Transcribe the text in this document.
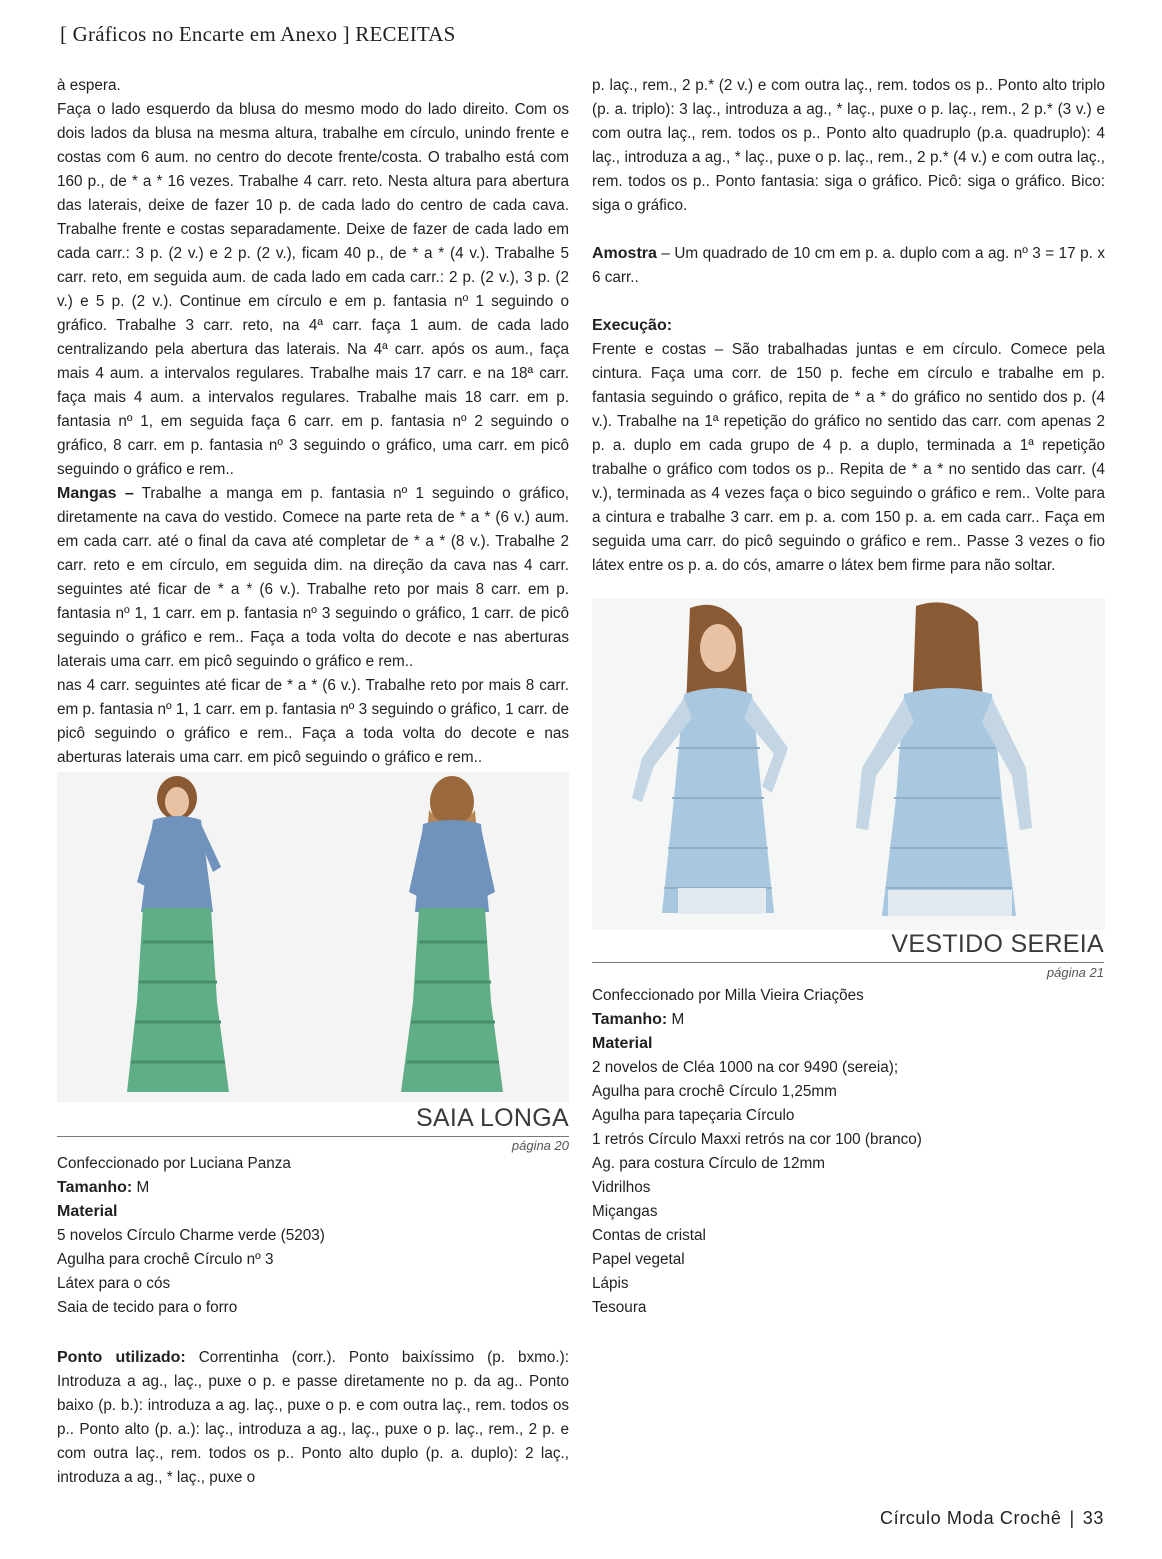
[ Gráficos no Encarte em Anexo ] RECEITAS

à espera.

Faça o lado esquerdo da blusa do mesmo modo do lado direito. Com os dois lados da blusa na mesma altura, trabalhe em círculo, unindo frente e costas com 6 aum. no centro do decote frente/costa. O trabalho está com 160 p., de * a * 16 vezes. Trabalhe 4 carr. reto. Nesta altura para abertura das laterais, deixe de fazer 10 p. de cada lado do centro de cada cava. Trabalhe frente e costas separadamente. Deixe de fazer de cada lado em cada carr.: 3 p. (2 v.) e 2 p. (2 v.), ficam 40 p., de * a * (4 v.). Trabalhe 5 carr. reto, em seguida aum. de cada lado em cada carr.: 2 p. (2 v.), 3 p. (2 v.) e 5 p. (2 v.). Continue em círculo e em p. fantasia nº 1 seguindo o gráfico. Trabalhe 3 carr. reto, na 4ª carr. faça 1 aum. de cada lado centralizando pela abertura das laterais. Na 4ª carr. após os aum., faça mais 4 aum. a intervalos regulares. Trabalhe mais 17 carr. e na 18ª carr. faça mais 4 aum. a intervalos regulares. Trabalhe mais 18 carr. em p. fantasia nº 1, em seguida faça 6 carr. em p. fantasia nº 2 seguindo o gráfico, 8 carr. em p. fantasia nº 3 seguindo o gráfico, uma carr. em picô seguindo o gráfico e rem..

Mangas – Trabalhe a manga em p. fantasia nº 1 seguindo o gráfico, diretamente na cava do vestido. Comece na parte reta de * a * (6 v.) aum. em cada carr. até o final da cava até completar de * a * (8 v.). Trabalhe 2 carr. reto e em círculo, em seguida dim. na direção da cava nas 4 carr. seguintes até ficar de * a * (6 v.). Trabalhe reto por mais 8 carr. em p. fantasia nº 1, 1 carr. em p. fantasia nº 3 seguindo o gráfico, 1 carr. de picô seguindo o gráfico e rem.. Faça a toda volta do decote e nas aberturas laterais uma carr. em picô seguindo o gráfico e rem..

nas 4 carr. seguintes até ficar de * a * (6 v.). Trabalhe reto por mais 8 carr. em p. fantasia nº 1, 1 carr. em p. fantasia nº 3 seguindo o gráfico, 1 carr. de picô seguindo o gráfico e rem.. Faça a toda volta do decote e nas aberturas laterais uma carr. em picô seguindo o gráfico e rem..

p. laç., rem., 2 p.* (2 v.) e com outra laç., rem. todos os p.. Ponto alto triplo (p. a. triplo): 3 laç., introduza a ag., * laç., puxe o p. laç., rem., 2 p.* (3 v.) e com outra laç., rem. todos os p.. Ponto alto quadruplo (p.a. quadruplo): 4 laç., introduza a ag., * laç., puxe o p. laç., rem., 2 p.* (4 v.) e com outra laç., rem. todos os p.. Ponto fantasia: siga o gráfico. Picô: siga o gráfico. Bico: siga o gráfico.

Amostra – Um quadrado de 10 cm em p. a. duplo com a ag. nº 3 = 17 p. x 6 carr..

Execução:

Frente e costas – São trabalhadas juntas e em círculo. Comece pela cintura. Faça uma corr. de 150 p. feche em círculo e trabalhe em p. fantasia seguindo o gráfico, repita de * a * do gráfico no sentido dos p. (4 v.). Trabalhe na 1ª repetição do gráfico no sentido das carr. com apenas 2 p. a. duplo em cada grupo de 4 p. a duplo, terminada a 1ª repetição trabalhe o gráfico com todos os p.. Repita de * a * no sentido das carr. (4 v.), terminada as 4 vezes faça o bico seguindo o gráfico e rem.. Volte para a cintura e trabalhe 3 carr. em p. a. com 150 p. a. em cada carr.. Faça em seguida uma carr. do picô seguindo o gráfico e rem.. Passe 3 vezes o fio látex entre os p. a. do cós, amarre o látex bem firme para não soltar.

SAIA LONGA
página 20
Confeccionado por Luciana Panza
Tamanho: M
Material
5 novelos Círculo Charme verde (5203)
Agulha para crochê Círculo nº 3
Látex para o cós
Saia de tecido para o forro

Ponto utilizado: Correntinha (corr.). Ponto baixíssimo (p. bxmo.): Introduza a ag., laç., puxe o p. e passe diretamente no p. da ag.. Ponto baixo (p. b.): introduza a ag. laç., puxe o p. e com outra laç., rem. todos os p.. Ponto alto (p. a.): laç., introduza a ag., laç., puxe o p. laç., rem., 2 p. e com outra laç., rem. todos os p.. Ponto alto duplo (p. a. duplo): 2 laç., introduza a ag., * laç., puxe o

VESTIDO SEREIA
página 21
Confeccionado por Milla Vieira Criações
Tamanho: M
Material
2 novelos de Cléa 1000 na cor 9490 (sereia);
Agulha para crochê Círculo 1,25mm
Agulha para tapeçaria Círculo
1 retrós Círculo Maxxi retrós na cor 100 (branco)
Ag. para costura Círculo de 12mm
Vidrilhos
Miçangas
Contas de cristal
Papel vegetal
Lápis
Tesoura
Círculo Moda Crochê | 33
